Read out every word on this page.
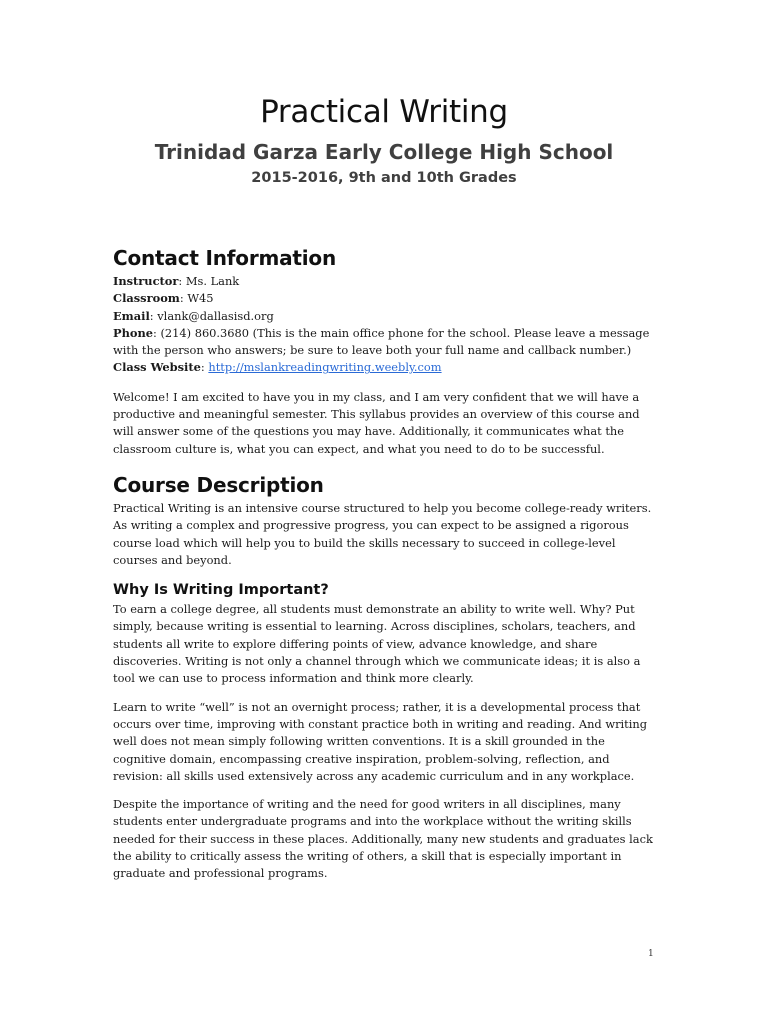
Practical Writing
Trinidad Garza Early College High School
2015-2016, 9th and 10th Grades
Contact Information
Instructor: Ms. Lank
Classroom: W45
Email: vlank@dallasisd.org
Phone: (214) 860.3680 (This is the main office phone for the school. Please leave a message with the person who answers; be sure to leave both your full name and callback number.)
Class Website: http://mslankreadingwriting.weebly.com

Welcome! I am excited to have you in my class, and I am very confident that we will have a productive and meaningful semester. This syllabus provides an overview of this course and will answer some of the questions you may have. Additionally, it communicates what the classroom culture is, what you can expect, and what you need to do to be successful.

Course Description

Practical Writing is an intensive course structured to help you become college-ready writers. As writing a complex and progressive progress, you can expect to be assigned a rigorous course load which will help you to build the skills necessary to succeed in college-level courses and beyond.

Why Is Writing Important?

To earn a college degree, all students must demonstrate an ability to write well. Why? Put simply, because writing is essential to learning. Across disciplines, scholars, teachers, and students all write to explore differing points of view, advance knowledge, and share discoveries. Writing is not only a channel through which we communicate ideas; it is also a tool we can use to process information and think more clearly.

Learn to write “well” is not an overnight process; rather, it is a developmental process that occurs over time, improving with constant practice both in writing and reading. And writing well does not mean simply following written conventions. It is a skill grounded in the cognitive domain, encompassing creative inspiration, problem-solving, reflection, and revision: all skills used extensively across any academic curriculum and in any workplace.

Despite the importance of writing and the need for good writers in all disciplines, many students enter undergraduate programs and into the workplace without the writing skills needed for their success in these places. Additionally, many new students and graduates lack the ability to critically assess the writing of others, a skill that is especially important in graduate and professional programs.

1
